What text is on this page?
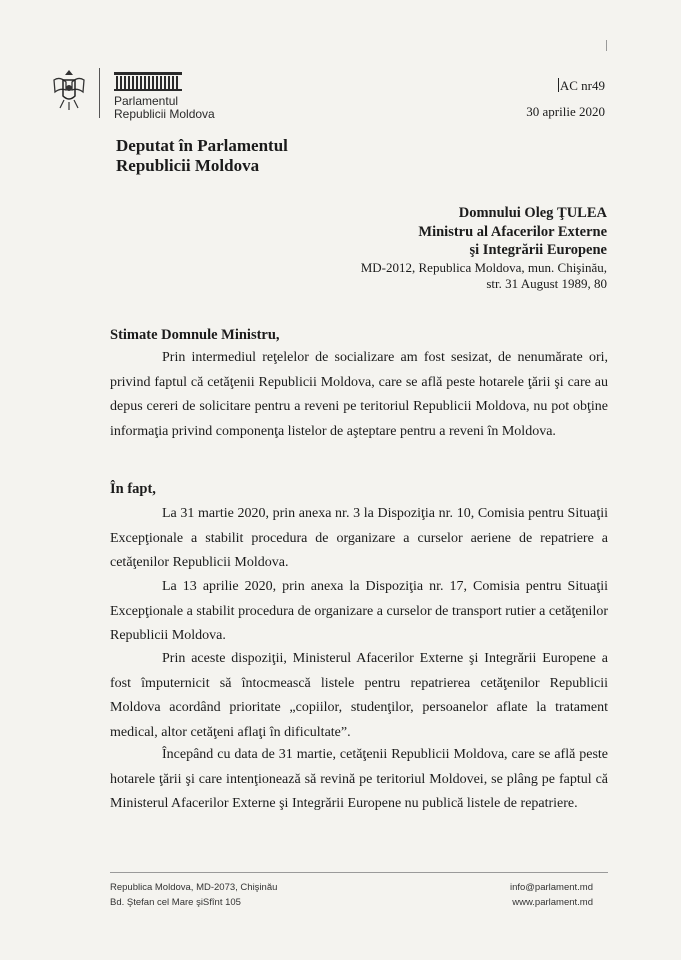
Parlamentul
Republicii Moldova
AC nr49
30 aprilie 2020
Deputat în Parlamentul
Republicii Moldova
Domnului Oleg ŢULEA
Ministru al Afacerilor Externe
şi Integrării Europene
MD-2012, Republica Moldova, mun. Chişinău,
str. 31 August 1989, 80
Stimate Domnule Ministru,

Prin intermediul reţelelor de socializare am fost sesizat, de nenumărate ori, privind faptul că cetăţenii Republicii Moldova, care se află peste hotarele ţării şi care au depus cereri de solicitare pentru a reveni pe teritoriul Republicii Moldova, nu pot obţine informaţia privind componenţa listelor de aşteptare pentru a reveni în Moldova.

În fapt,

La 31 martie 2020, prin anexa nr. 3 la Dispoziţia nr. 10, Comisia pentru Situaţii Excepţionale a stabilit procedura de organizare a curselor aeriene de repatriere a cetăţenilor Republicii Moldova.

La 13 aprilie 2020, prin anexa la Dispoziţia nr. 17, Comisia pentru Situaţii Excepţionale a stabilit procedura de organizare a curselor de transport rutier a cetăţenilor Republicii Moldova.

Prin aceste dispoziţii, Ministerul Afacerilor Externe şi Integrării Europene a fost împuternicit să întocmească listele pentru repatrierea cetăţenilor Republicii Moldova acordând prioritate „copiilor, studenţilor, persoanelor aflate la tratament medical, altor cetăţeni aflaţi în dificultate”.

Începând cu data de 31 martie, cetăţenii Republicii Moldova, care se află peste hotarele ţării şi care intenţionează să revină pe teritoriul Moldovei, se plâng pe faptul că Ministerul Afacerilor Externe şi Integrării Europene nu publică listele de repatriere.

Republica Moldova, MD-2073, Chişinău
Bd. Ştefan cel Mare şiSfînt 105
info@parlament.md
www.parlament.md
